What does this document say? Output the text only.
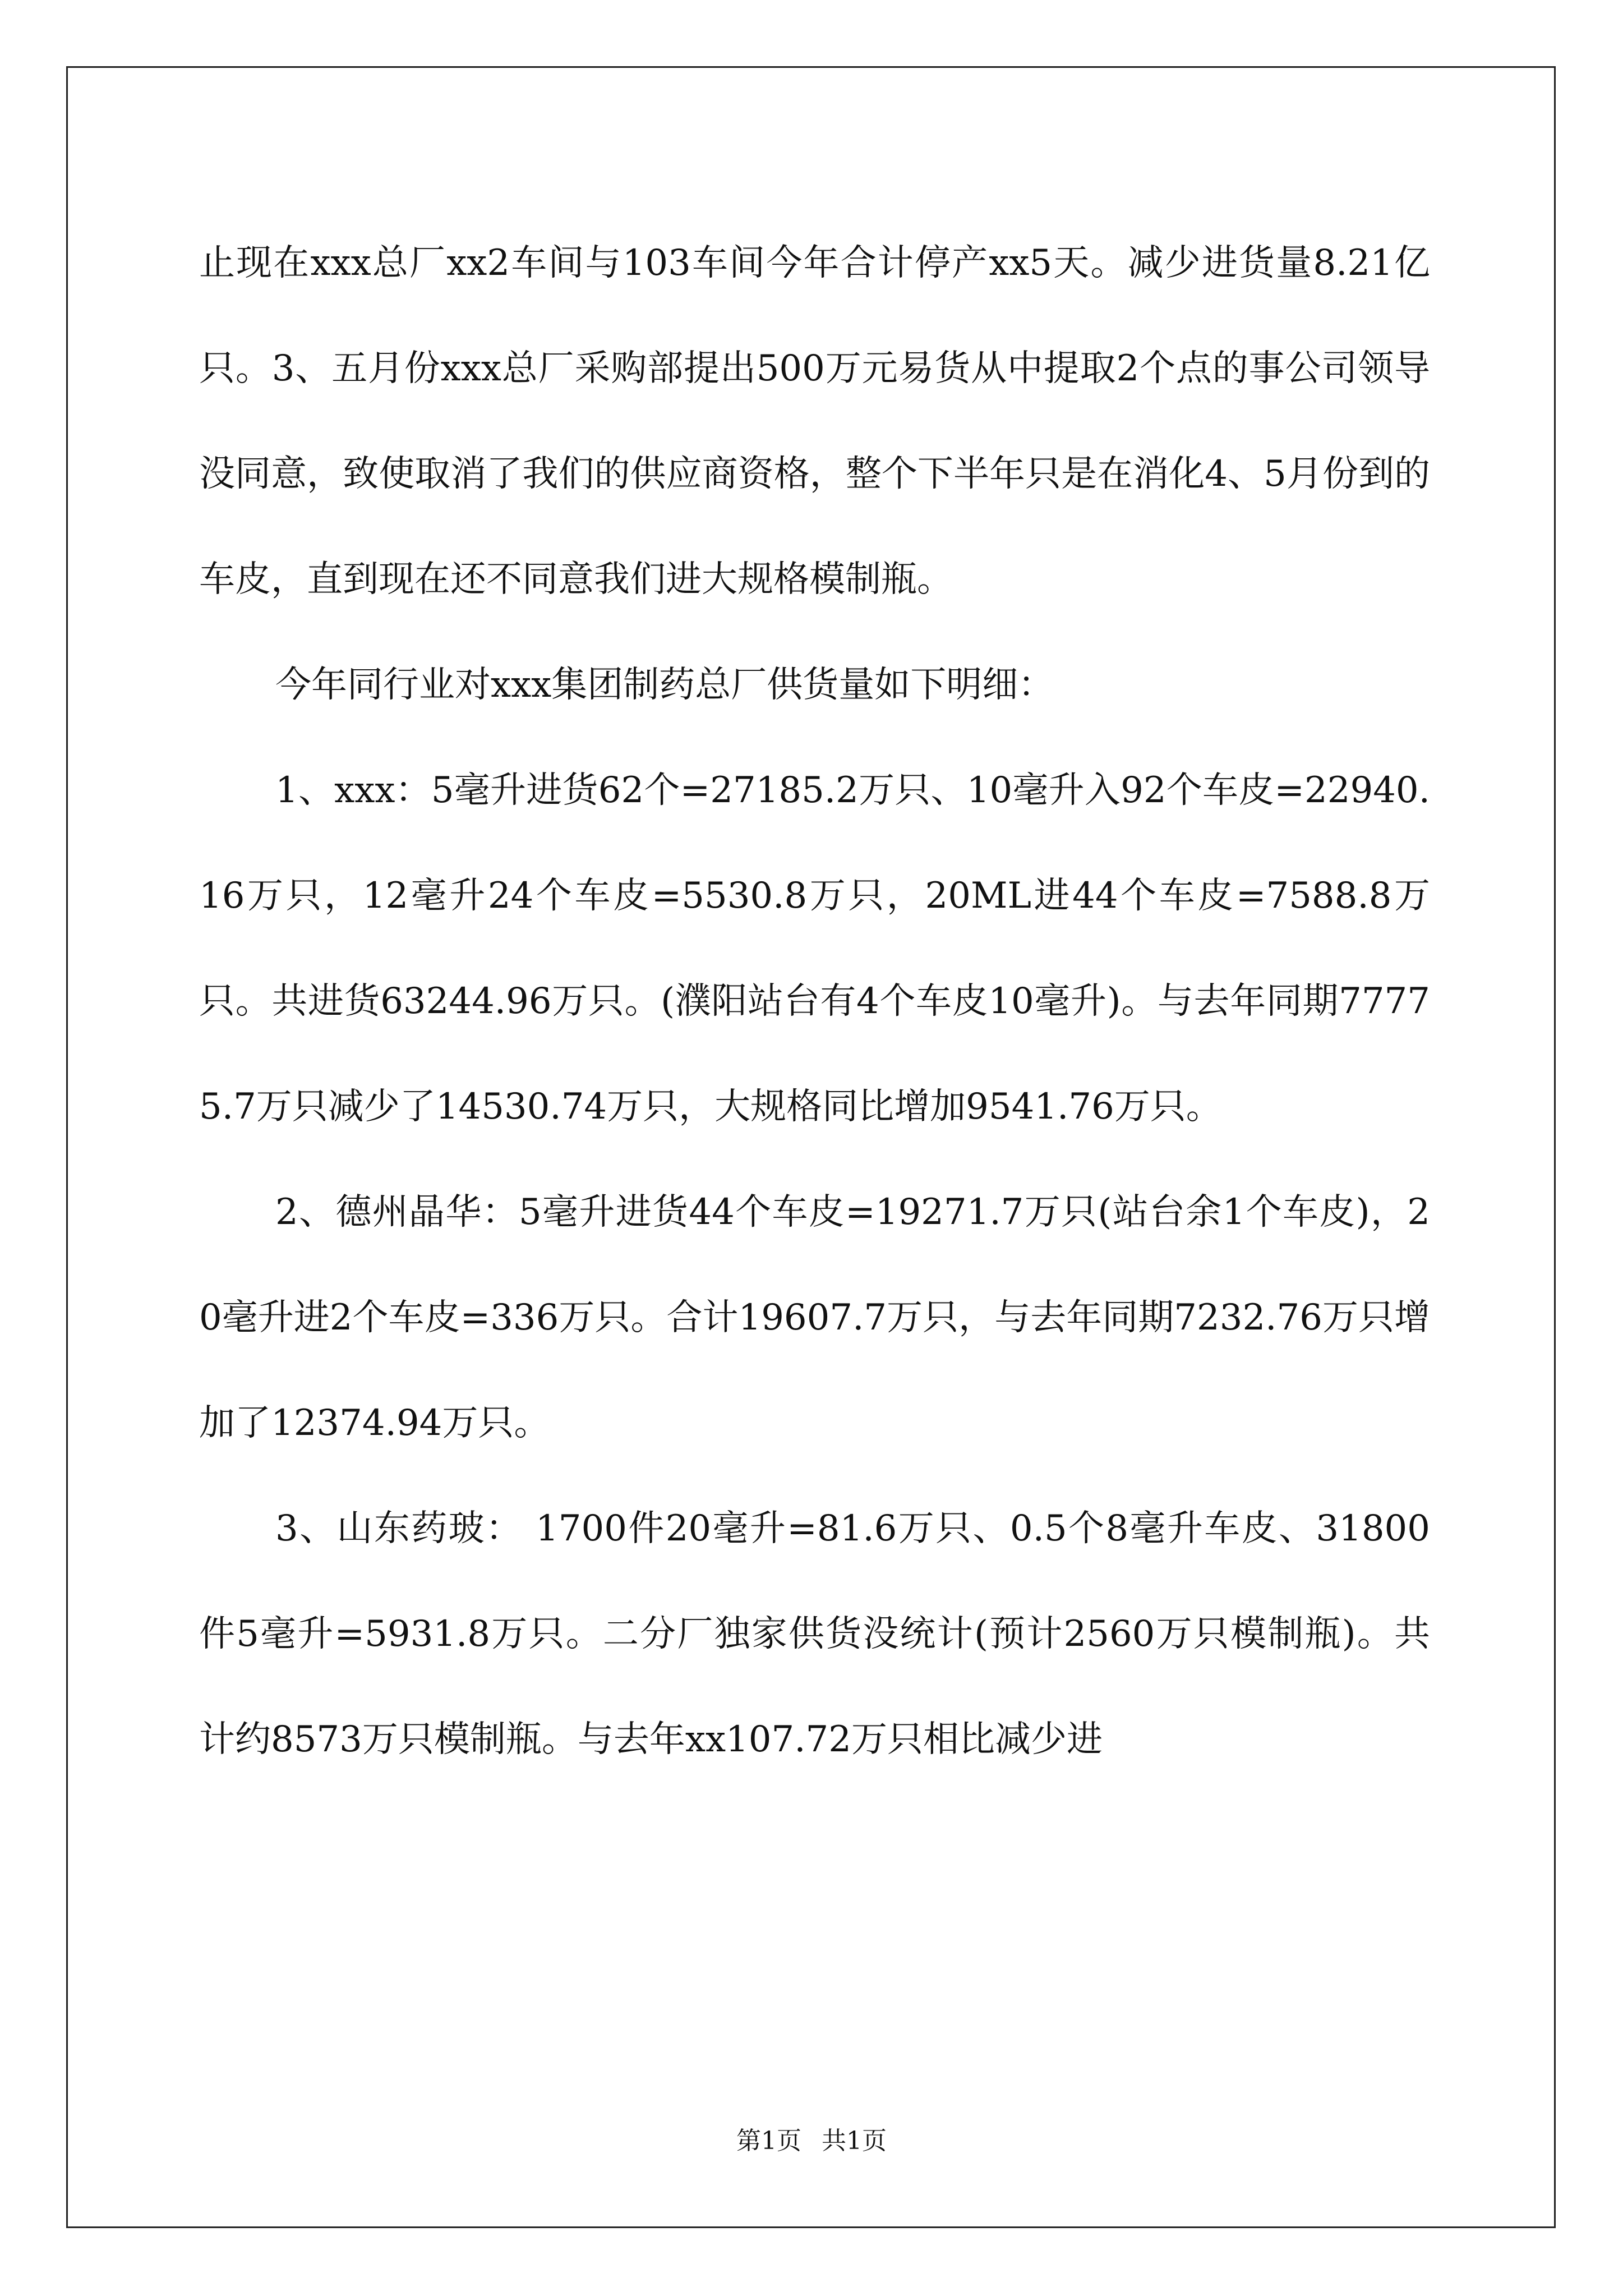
止现在xxx总厂xx2车间与103车间今年合计停产xx5天。减少进货量8.21亿只。3、五月份xxx总厂采购部提出500万元易货从中提取2个点的事公司领导没同意，致使取消了我们的供应商资格，整个下半年只是在消化4、5月份到的车皮，直到现在还不同意我们进大规格模制瓶。

今年同行业对xxx集团制药总厂供货量如下明细：

1、xxx：5毫升进货62个=27185.2万只、10毫升入92个车皮=22940.16万只，12毫升24个车皮=5530.8万只，20ML进44个车皮=7588.8万只。共进货63244.96万只。(濮阳站台有4个车皮10毫升)。与去年同期77775.7万只减少了14530.74万只，大规格同比增加9541.76万只。

2、德州晶华：5毫升进货44个车皮=19271.7万只(站台余1个车皮)，20毫升进2个车皮=336万只。合计19607.7万只，与去年同期7232.76万只增加了12374.94万只。

3、山东药玻： 1700件20毫升=81.6万只、0.5个8毫升车皮、31800件5毫升=5931.8万只。二分厂独家供货没统计(预计2560万只模制瓶)。共计约8573万只模制瓶。与去年xx107.72万只相比减少进

第1页 共1页
